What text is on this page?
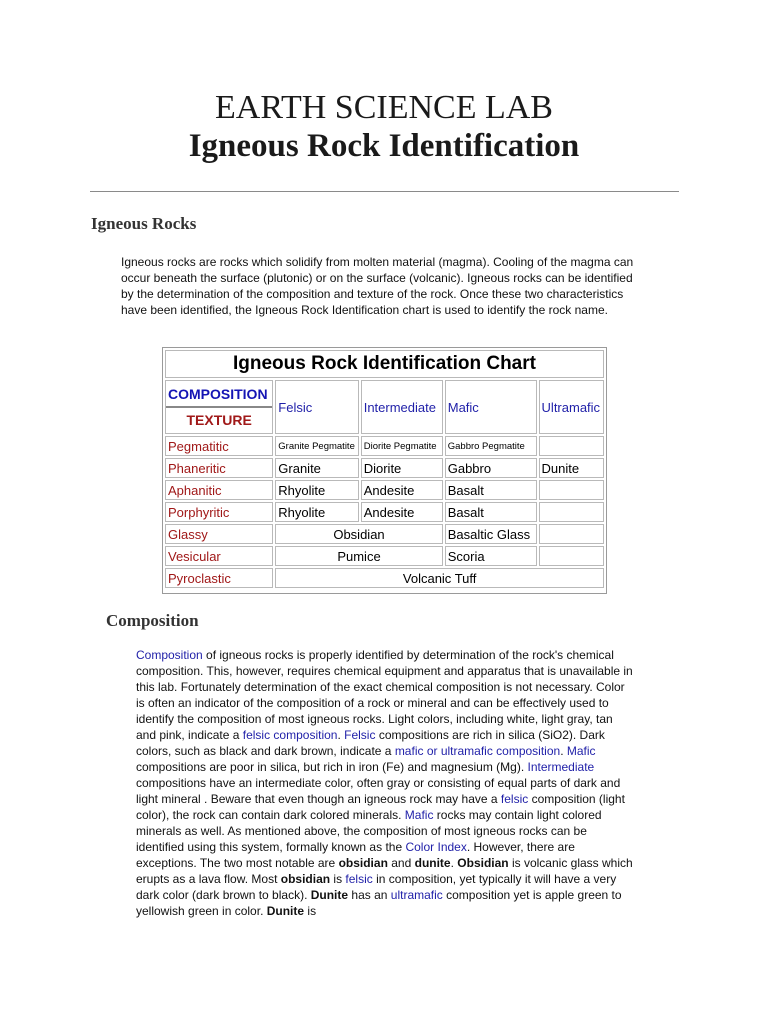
EARTH SCIENCE LAB
Igneous Rock Identification
Igneous Rocks
Igneous rocks are rocks which solidify from molten material (magma). Cooling of the magma can occur beneath the surface (plutonic) or on the surface (volcanic). Igneous rocks can be identified by the determination of the composition and texture of the rock. Once these two characteristics have been identified, the Igneous Rock Identification chart is used to identify the rock name.
Igneous Rock Identification Chart				

COMPOSITION
TEXTURE	Felsic	Intermediate	Mafic	Ultramafic
Pegmatitic	Granite Pegmatite	Diorite Pegmatite	Gabbro Pegmatite	
Phaneritic	Granite	Diorite	Gabbro	Dunite
Aphanitic	Rhyolite	Andesite	Basalt	
Porphyritic	Rhyolite	Andesite	Basalt	
Glassy	Obsidian		Basaltic Glass	
Vesicular	Pumice		Scoria	
Pyroclastic	Volcanic Tuff			
Composition
Composition of igneous rocks is properly identified by determination of the rock's chemical composition. This, however, requires chemical equipment and apparatus that is unavailable in this lab. Fortunately determination of the exact chemical composition is not necessary. Color is often an indicator of the composition of a rock or mineral and can be effectively used to identify the composition of most igneous rocks. Light colors, including white, light gray, tan and pink, indicate a felsic composition. Felsic compositions are rich in silica (SiO2). Dark colors, such as black and dark brown, indicate a mafic or ultramafic composition. Mafic compositions are poor in silica, but rich in iron (Fe) and magnesium (Mg). Intermediate compositions have an intermediate color, often gray or consisting of equal parts of dark and light mineral . Beware that even though an igneous rock may have a felsic composition (light color), the rock can contain dark colored minerals. Mafic rocks may contain light colored minerals as well. As mentioned above, the composition of most igneous rocks can be identified using this system, formally known as the Color Index. However, there are exceptions. The two most notable are obsidian and dunite. Obsidian is volcanic glass which erupts as a lava flow. Most obsidian is felsic in composition, yet typically it will have a very dark color (dark brown to black). Dunite has an ultramafic composition yet is apple green to yellowish green in color. Dunite is
